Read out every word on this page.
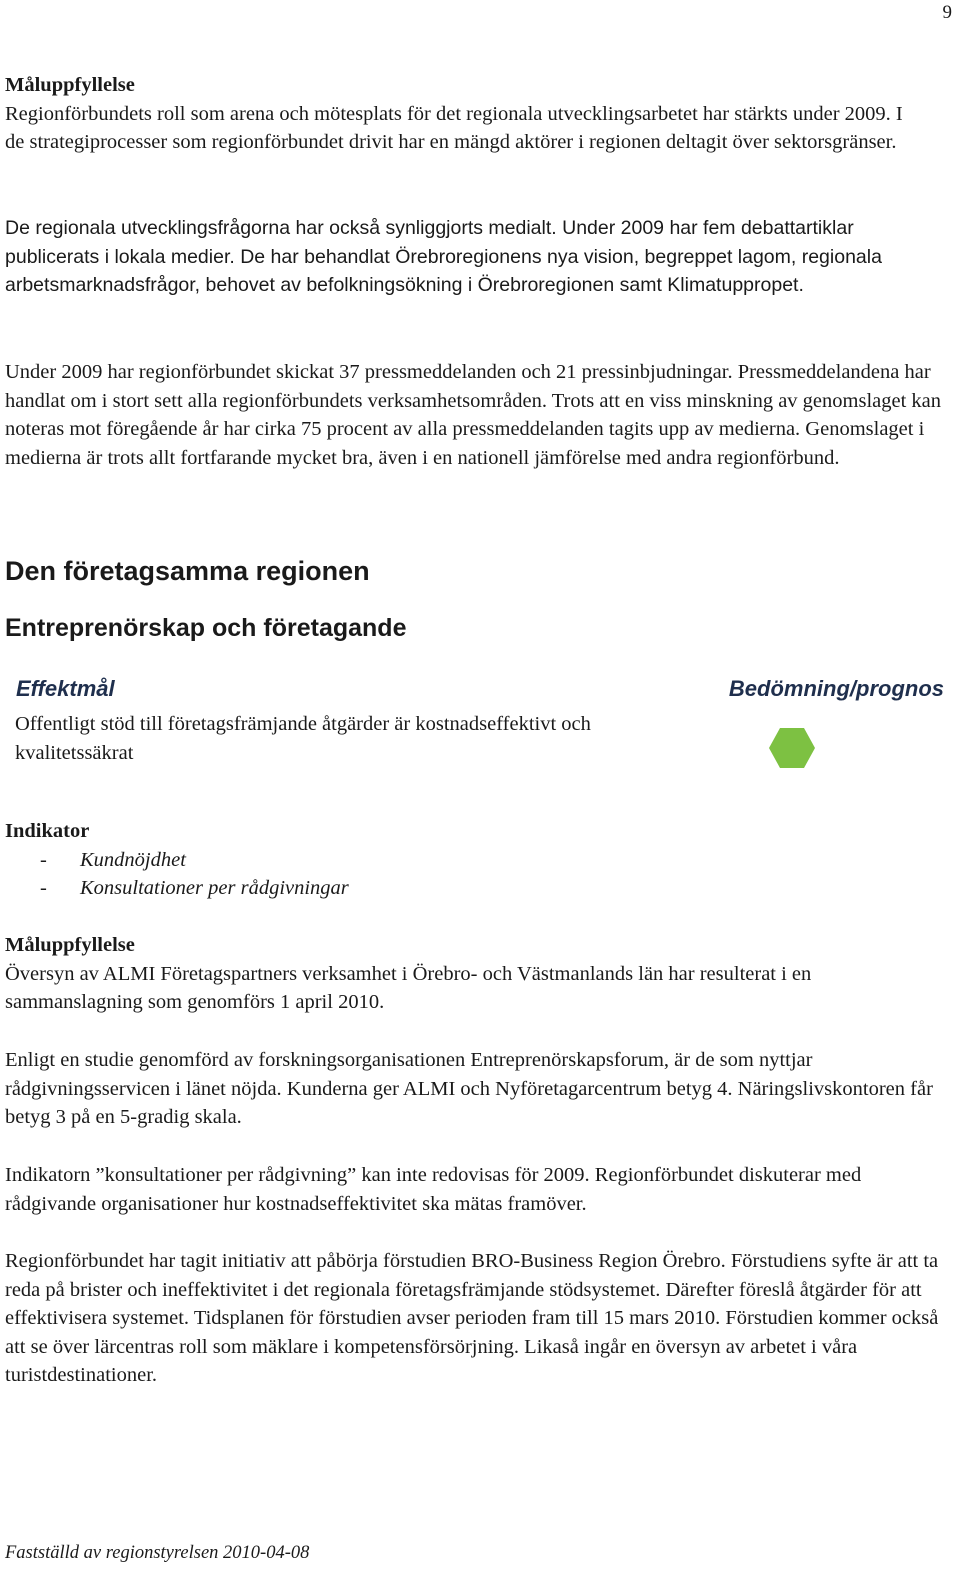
9

Måluppfyllelse

Regionförbundets roll som arena och mötesplats för det regionala utvecklingsarbetet har stärkts under 2009. I de strategiprocesser som regionförbundet drivit har en mängd aktörer i regionen deltagit över sektorsgränser.

De regionala utvecklingsfrågorna har också synliggjorts medialt. Under 2009 har fem debattartiklar publicerats i lokala medier. De har behandlat Örebroregionens nya vision, begreppet lagom, regionala arbetsmarknadsfrågor, behovet av befolkningsökning i Örebroregionen samt Klimatuppropet.

Under 2009 har regionförbundet skickat 37 pressmeddelanden och 21 pressinbjudningar. Pressmeddelandena har handlat om i stort sett alla regionförbundets verksamhetsområden. Trots att en viss minskning av genomslaget kan noteras mot föregående år har cirka 75 procent av alla pressmeddelanden tagits upp av medierna. Genomslaget i medierna är trots allt fortfarande mycket bra, även i en nationell jämförelse med andra regionförbund.

Den företagsamma regionen
Entreprenörskap och företagande
Effektmål	Bedömning/prognos

Offentligt stöd till företagsfrämjande åtgärder är kostnadseffektivt och kvalitetssäkrat

Indikator

- Kundnöjdhet
- Konsultationer per rådgivningar

Måluppfyllelse

Översyn av ALMI Företagspartners verksamhet i Örebro- och Västmanlands län har resulterat i en sammanslagning som genomförs 1 april 2010.

Enligt en studie genomförd av forskningsorganisationen Entreprenörskapsforum, är de som nyttjar rådgivningsservicen i länet nöjda. Kunderna ger ALMI och Nyföretagarcentrum betyg 4. Näringslivskontoren får betyg 3 på en 5-gradig skala.

Indikatorn ”konsultationer per rådgivning” kan inte redovisas för 2009. Regionförbundet diskuterar med rådgivande organisationer hur kostnadseffektivitet ska mätas framöver.

Regionförbundet har tagit initiativ att påbörja förstudien BRO-Business Region Örebro. Förstudiens syfte är att ta reda på brister och ineffektivitet i det regionala företagsfrämjande stödsystemet. Därefter föreslå åtgärder för att effektivisera systemet. Tidsplanen för förstudien avser perioden fram till 15 mars 2010. Förstudien kommer också att se över lärcentras roll som mäklare i kompetensförsörjning. Likaså ingår en översyn av arbetet i våra turistdestinationer.

Fastställd av regionstyrelsen 2010-04-08
